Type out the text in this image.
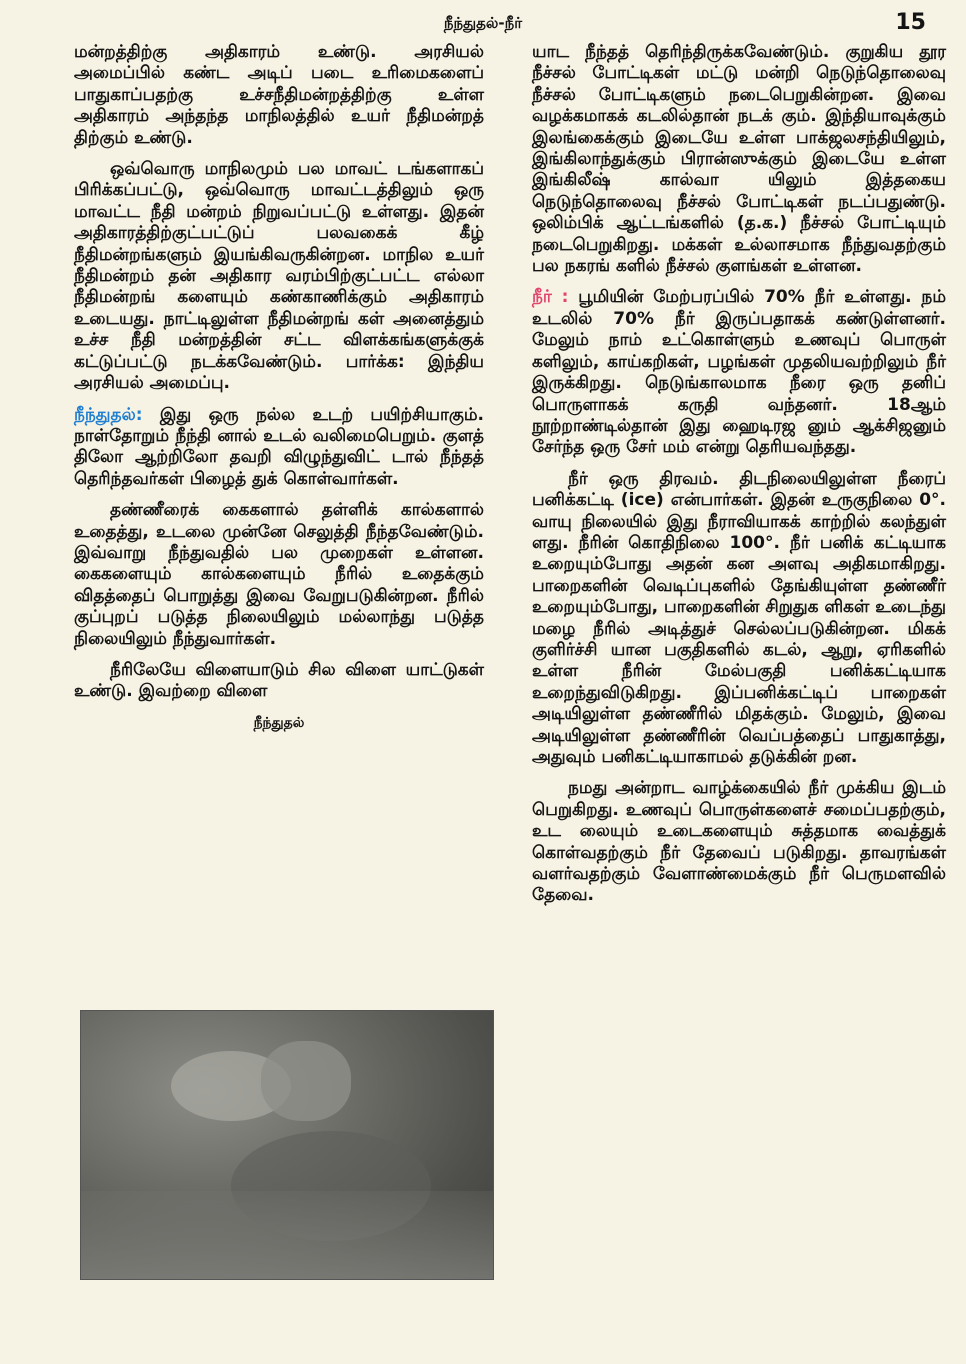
நீந்துதல்-நீர்	15

மன்றத்திற்கு அதிகாரம் உண்டு. அரசியல் அமைப்பில் கண்ட அடிப் படை உரிமைகளைப் பாதுகாப்பதற்கு உச்சநீதிமன்றத்திற்கு உள்ள அதிகாரம் அந்தந்த மாநிலத்தில் உயர் நீதிமன்றத் திற்கும் உண்டு.

ஒவ்வொரு மாநிலமும் பல மாவட் டங்களாகப் பிரிக்கப்பட்டு, ஒவ்வொரு மாவட்டத்திலும் ஒரு மாவட்ட நீதி மன்றம் நிறுவப்பட்டு உள்ளது. இதன் அதிகாரத்திற்குட்பட்டுப் பலவகைக் கீழ் நீதிமன்றங்களும் இயங்கிவருகின்றன. மாநில உயர் நீதிமன்றம் தன் அதிகார வரம்பிற்குட்பட்ட எல்லா நீதிமன்றங் களையும் கண்காணிக்கும் அதிகாரம் உடையது. நாட்டிலுள்ள நீதிமன்றங் கள் அனைத்தும் உச்ச நீதி மன்றத்தின் சட்ட விளக்கங்களுக்குக் கட்டுப்பட்டு நடக்கவேண்டும். பார்க்க: இந்திய அரசியல் அமைப்பு.

நீந்துதல்: இது ஒரு நல்ல உடற் பயிற்சியாகும். நாள்தோறும் நீந்தி னால் உடல் வலிமைபெறும். குளத் திலோ ஆற்றிலோ தவறி விழுந்துவிட் டால் நீந்தத் தெரிந்தவர்கள் பிழைத் துக் கொள்வார்கள்.

தண்ணீரைக் கைகளால் தள்ளிக் கால்களால் உதைத்து, உடலை முன்னே செலுத்தி நீந்தவேண்டும். இவ்வாறு நீந்துவதில் பல முறைகள் உள்ளன. கைகளையும் கால்களையும் நீரில் உதைக்கும் விதத்தைப் பொறுத்து இவை வேறுபடுகின்றன. நீரில் குப்புறப் படுத்த நிலையிலும் மல்லாந்து படுத்த நிலையிலும் நீந்துவார்கள்.

நீரிலேயே விளையாடும் சில விளை யாட்டுகள் உண்டு. இவற்றை விளை

நீந்துதல்

யாட நீந்தத் தெரிந்திருக்கவேண்டும். குறுகிய தூர நீச்சல் போட்டிகள் மட்டு மன்றி நெடுந்தொலைவு நீச்சல் போட்டிகளும் நடைபெறுகின்றன. இவை வழக்கமாகக் கடலில்தான் நடக் கும். இந்தியாவுக்கும் இலங்கைக்கும் இடையே உள்ள பாக்ஜலசந்தியிலும், இங்கிலாந்துக்கும் பிரான்ஸுக்கும் இடையே உள்ள இங்கிலீஷ் கால்வா யிலும் இத்தகைய நெடுந்தொலைவு நீச்சல் போட்டிகள் நடப்பதுண்டு. ஒலிம்பிக் ஆட்டங்களில் (த.க.) நீச்சல் போட்டியும் நடைபெறுகிறது. மக்கள் உல்லாசமாக நீந்துவதற்கும் பல நகரங் களில் நீச்சல் குளங்கள் உள்ளன.

நீர் : பூமியின் மேற்பரப்பில் 70% நீர் உள்ளது. நம் உடலில் 70% நீர் இருப்பதாகக் கண்டுள்ளனர். மேலும் நாம் உட்கொள்ளும் உணவுப் பொருள் களிலும், காய்கறிகள், பழங்கள் முதலியவற்றிலும் நீர் இருக்கிறது. நெடுங்காலமாக நீரை ஒரு தனிப் பொருளாகக் கருதி வந்தனர். 18ஆம் நூற்றாண்டில்தான் இது ஹைடிரஜ னும் ஆக்சிஜனும் சேர்ந்த ஒரு சேர் மம் என்று தெரியவந்தது.

நீர் ஒரு திரவம். திடநிலையிலுள்ள நீரைப் பனிக்கட்டி (ice) என்பார்கள். இதன் உருகுநிலை 0°. வாயு நிலையில் இது நீராவியாகக் காற்றில் கலந்துள் ளது. நீரின் கொதிநிலை 100°. நீர் பனிக் கட்டியாக உறையும்போது அதன் கன அளவு அதிகமாகிறது. பாறைகளின் வெடிப்புகளில் தேங்கியுள்ள தண்ணீர் உறையும்போது, பாறைகளின் சிறுதுக ளிகள் உடைந்து மழை நீரில் அடித்துச் செல்லப்படுகின்றன. மிகக் குளிர்ச்சி யான பகுதிகளில் கடல், ஆறு, ஏரிகளில் உள்ள நீரின் மேல்பகுதி பனிக்கட்டியாக உறைந்துவிடுகிறது. இப்பனிக்கட்டிப் பாறைகள் அடியிலுள்ள தண்ணீரில் மிதக்கும். மேலும், இவை அடியிலுள்ள தண்ணீரின் வெப்பத்தைப் பாதுகாத்து, அதுவும் பனிகட்டியாகாமல் தடுக்கின் றன.

நமது அன்றாட வாழ்க்கையில் நீர் முக்கிய இடம் பெறுகிறது. உணவுப் பொருள்களைச் சமைப்பதற்கும், உட லையும் உடைகளையும் சுத்தமாக வைத்துக் கொள்வதற்கும் நீர் தேவைப் படுகிறது. தாவரங்கள் வளர்வதற்கும் வேளாண்மைக்கும் நீர் பெருமளவில் தேவை.
